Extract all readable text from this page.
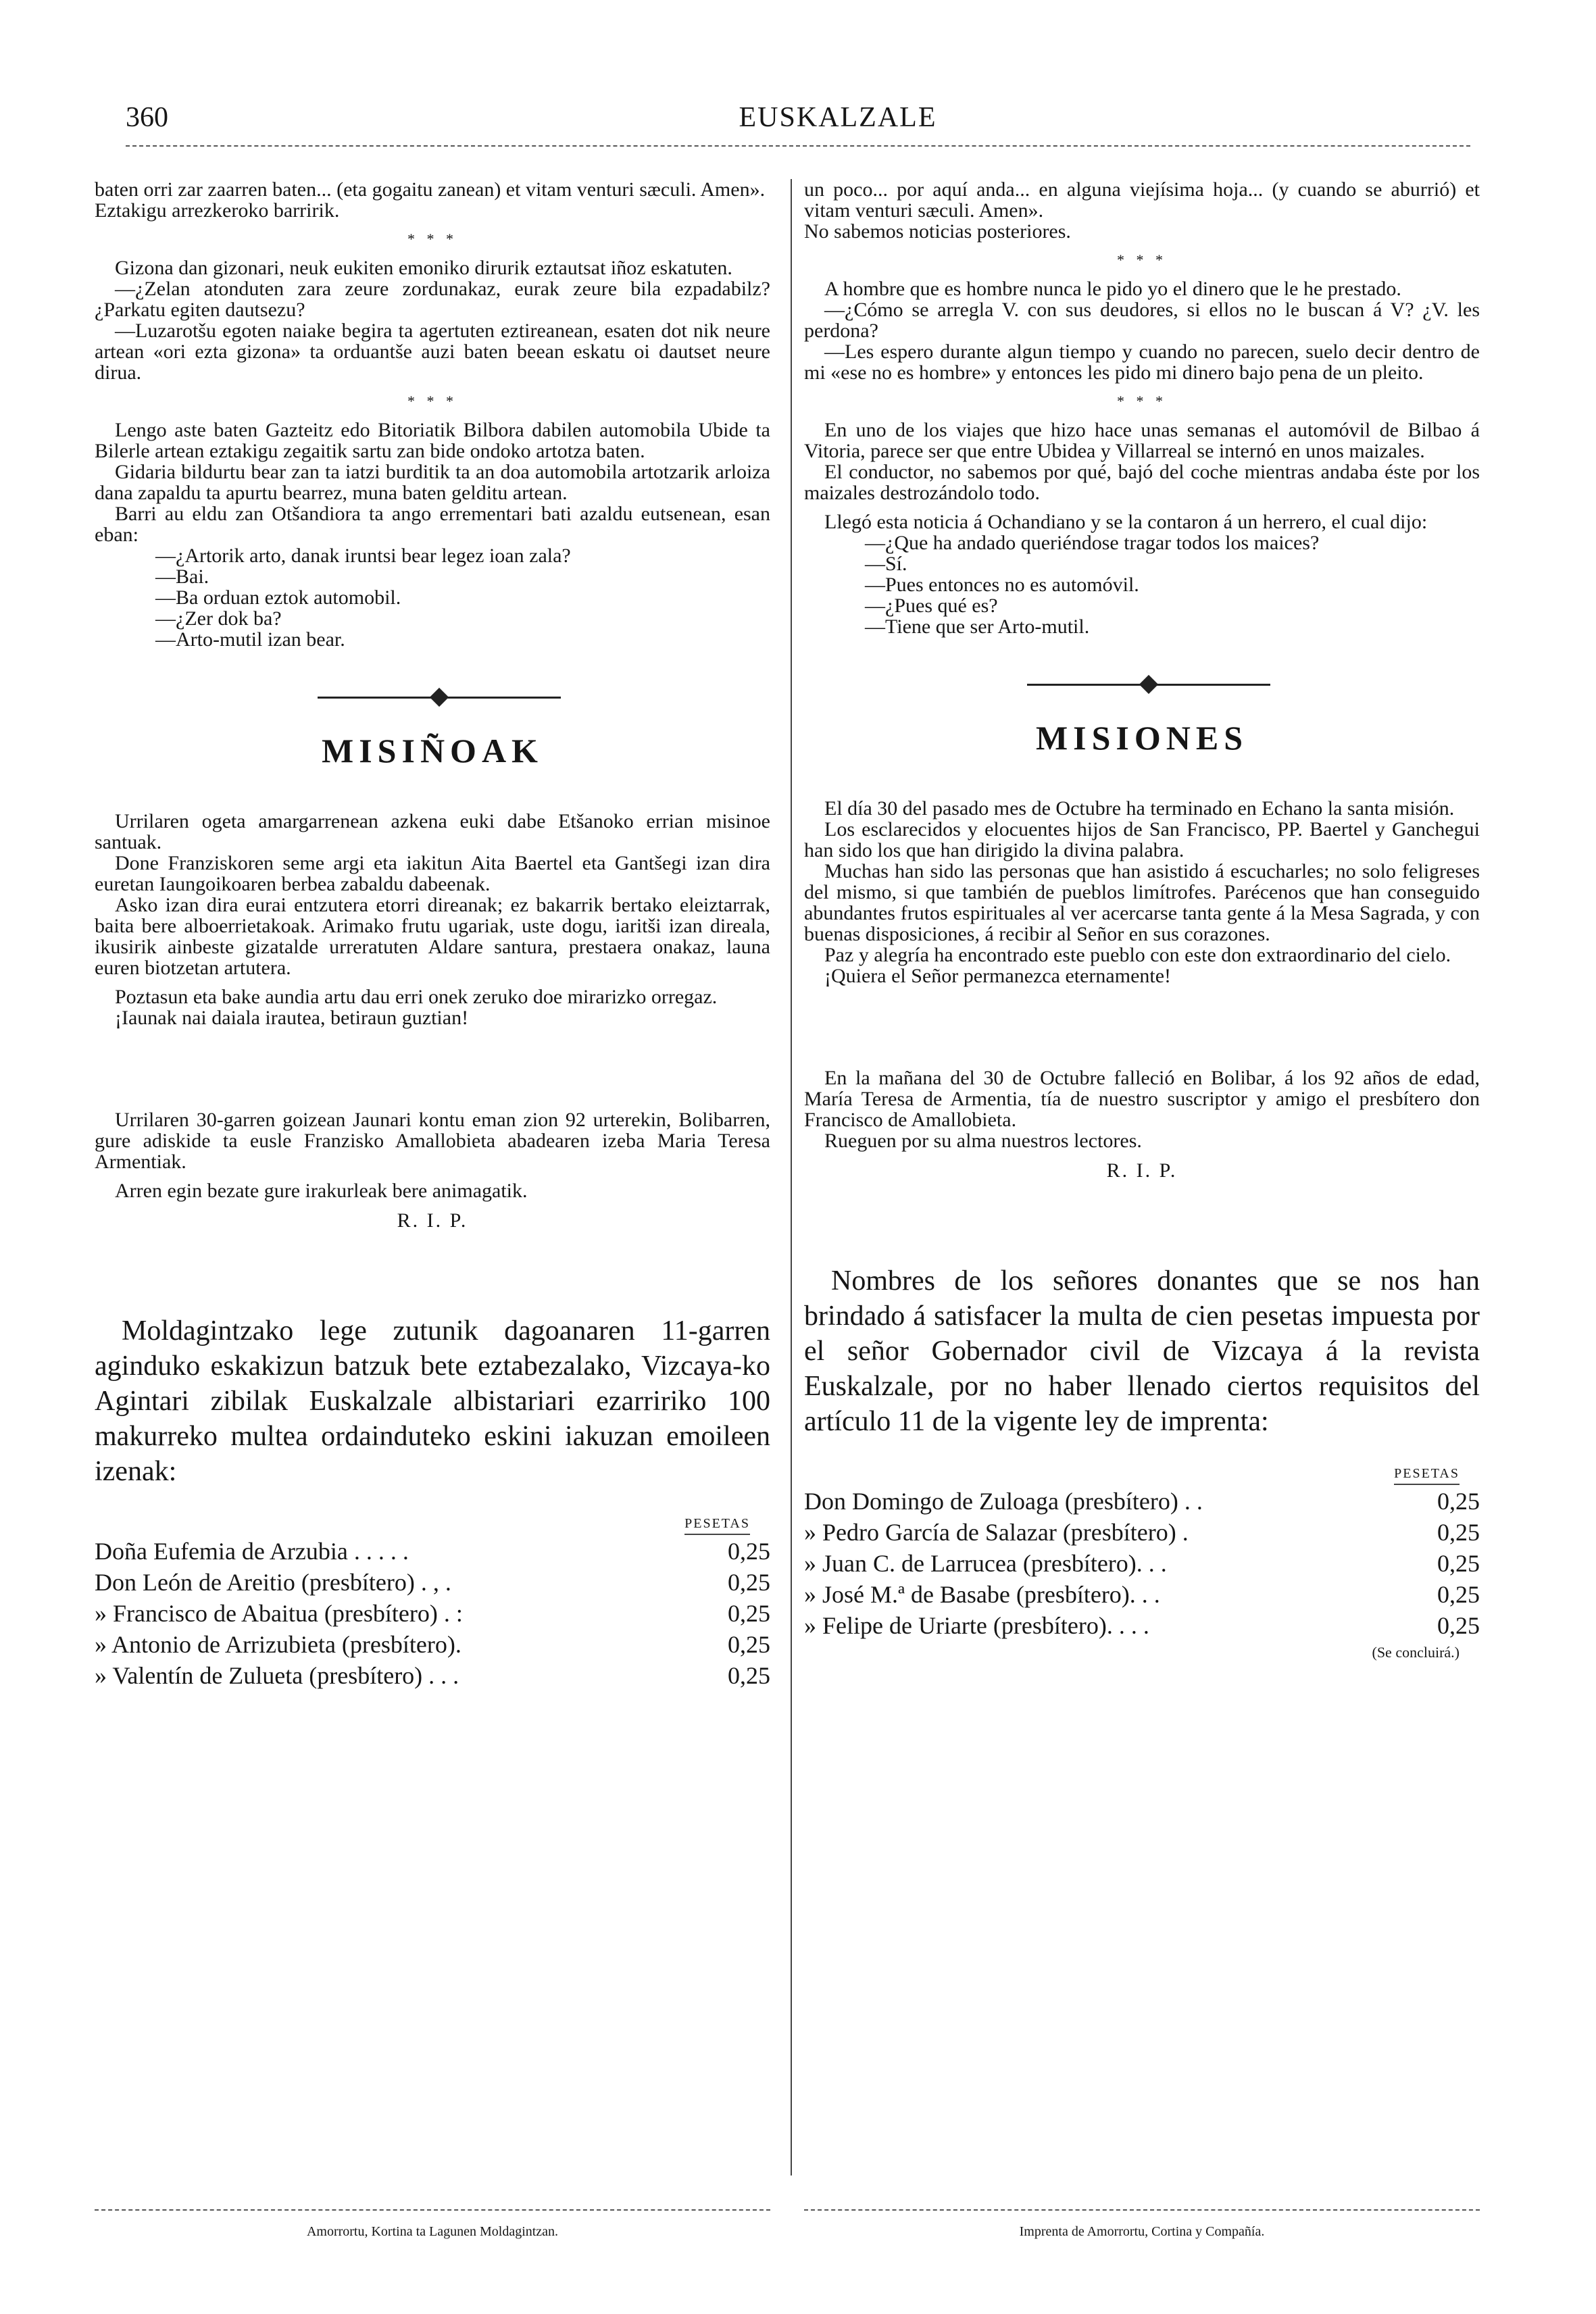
360	EUSKALZALE

baten orri zar zaarren baten... (eta gogaitu zanean) et vitam venturi sæculi. Amen».

Eztakigu arrezkeroko barririk.

* * *

Gizona dan gizonari, neuk eukiten emoniko dirurik eztautsat iñoz eskatuten.

—¿Zelan atonduten zara zeure zordunakaz, eurak zeure bila ezpadabilz? ¿Parkatu egiten dautsezu?

—Luzarotšu egoten naiake begira ta agertuten eztireanean, esaten dot nik neure artean «ori ezta gizona» ta orduantše auzi baten beean eskatu oi dautset neure dirua.

* * *

Lengo aste baten Gazteitz edo Bitoriatik Bilbora dabilen automobila Ubide ta Bilerle artean eztakigu zegaitik sartu zan bide ondoko artotza baten.

Gidaria bildurtu bear zan ta iatzi burditik ta an doa automobila artotzarik arloiza dana zapaldu ta apurtu bearrez, muna baten gelditu artean.

Barri au eldu zan Otšandiora ta ango errementari bati azaldu eutsenean, esan eban:

—¿Artorik arto, danak iruntsi bear legez ioan zala?

—Bai.

—Ba orduan eztok automobil.

—¿Zer dok ba?

—Arto-mutil izan bear.

MISIÑOAK

Urrilaren ogeta amargarrenean azkena euki dabe Etšanoko errian misinoe santuak.

Done Franziskoren seme argi eta iakitun Aita Baertel eta Gantšegi izan dira euretan Iaungoikoaren berbea zabaldu dabeenak.

Asko izan dira eurai entzutera etorri direanak; ez bakarrik bertako eleiztarrak, baita bere alboerrietakoak. Arimako frutu ugariak, uste dogu, iaritši izan direala, ikusirik ainbeste gizatalde urreratuten Aldare santura, prestaera onakaz, launa euren biotzetan artutera.

Poztasun eta bake aundia artu dau erri onek zeruko doe mirarizko orregaz.

¡Iaunak nai daiala irautea, betiraun guztian!

Urrilaren 30-garren goizean Jaunari kontu eman zion 92 urterekin, Bolibarren, gure adiskide ta eusle Franzisko Amallobieta abadearen izeba Maria Teresa Armentiak.

Arren egin bezate gure irakurleak bere animagatik.

R. I. P.

Moldagintzako lege zutunik dagoanaren 11-garren aginduko eskakizun batzuk bete eztabezalako, Vizcaya-ko Agintari zibilak Euskalzale albistariari ezarririko 100 makurreko multea ordainduteko eskini iakuzan emoileen izenak:

PESETAS
Doña Eufemia de Arzubia . . . . .	0,25
Don León de Areitio (presbítero) . , .	0,25
» Francisco de Abaitua (presbítero) . :	0,25
» Antonio de Arrizubieta (presbítero).	0,25
» Valentín de Zulueta (presbítero) . . .	0,25

un poco... por aquí anda... en alguna viejísima hoja... (y cuando se aburrió) et vitam venturi sæculi. Amen».

No sabemos noticias posteriores.

* * *

A hombre que es hombre nunca le pido yo el dinero que le he prestado.

—¿Cómo se arregla V. con sus deudores, si ellos no le buscan á V? ¿V. les perdona?

—Les espero durante algun tiempo y cuando no parecen, suelo decir dentro de mi «ese no es hombre» y entonces les pido mi dinero bajo pena de un pleito.

* * *

En uno de los viajes que hizo hace unas semanas el automóvil de Bilbao á Vitoria, parece ser que entre Ubidea y Villarreal se internó en unos maizales.

El conductor, no sabemos por qué, bajó del coche mientras andaba éste por los maizales destrozándolo todo.

Llegó esta noticia á Ochandiano y se la contaron á un herrero, el cual dijo:

—¿Que ha andado queriéndose tragar todos los maices?

—Sí.

—Pues entonces no es automóvil.

—¿Pues qué es?

—Tiene que ser Arto-mutil.

MISIONES

El día 30 del pasado mes de Octubre ha terminado en Echano la santa misión.

Los esclarecidos y elocuentes hijos de San Francisco, PP. Baertel y Ganchegui han sido los que han dirigido la divina palabra.

Muchas han sido las personas que han asistido á escucharles; no solo feligreses del mismo, si que también de pueblos limítrofes. Parécenos que han conseguido abundantes frutos espirituales al ver acercarse tanta gente á la Mesa Sagrada, y con buenas disposiciones, á recibir al Señor en sus corazones.

Paz y alegría ha encontrado este pueblo con este don extraordinario del cielo.

¡Quiera el Señor permanezca eternamente!

En la mañana del 30 de Octubre falleció en Bolibar, á los 92 años de edad, María Teresa de Armentia, tía de nuestro suscriptor y amigo el presbítero don Francisco de Amallobieta.

Rueguen por su alma nuestros lectores.

R. I. P.

Nombres de los señores donantes que se nos han brindado á satisfacer la multa de cien pesetas impuesta por el señor Gobernador civil de Vizcaya á la revista Euskalzale, por no haber llenado ciertos requisitos del artículo 11 de la vigente ley de imprenta:

PESETAS
Don Domingo de Zuloaga (presbítero) . .	0,25
» Pedro García de Salazar (presbítero) .	0,25
» Juan C. de Larrucea (presbítero). . .	0,25
» José M.ª de Basabe (presbítero). . .	0,25
» Felipe de Uriarte (presbítero). . . .	0,25
(Se concluirá.)
Amorrortu, Kortina ta Lagunen Moldagintzan.	Imprenta de Amorrortu, Cortina y Compañía.
